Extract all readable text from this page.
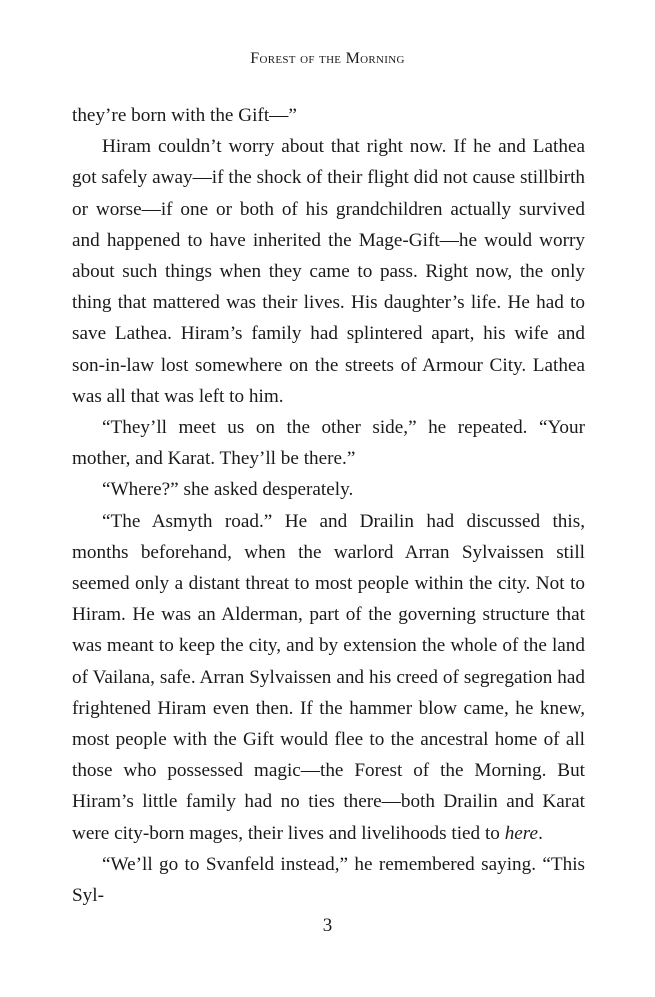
Forest of the Morning

they’re born with the Gift—”

Hiram couldn’t worry about that right now. If he and Lathea got safely away—if the shock of their flight did not cause stillbirth or worse—if one or both of his grandchildren actually survived and happened to have inherited the Mage-Gift—he would worry about such things when they came to pass. Right now, the only thing that mattered was their lives. His daughter’s life. He had to save Lathea. Hiram’s family had splintered apart, his wife and son-in-law lost somewhere on the streets of Armour City. Lathea was all that was left to him.

“They’ll meet us on the other side,” he repeated. “Your mother, and Karat. They’ll be there.”

“Where?” she asked desperately.

“The Asmyth road.” He and Drailin had discussed this, months beforehand, when the warlord Arran Sylvaissen still seemed only a distant threat to most people within the city. Not to Hiram. He was an Alderman, part of the governing structure that was meant to keep the city, and by extension the whole of the land of Vailana, safe. Arran Sylvaissen and his creed of segregation had frightened Hiram even then. If the hammer blow came, he knew, most people with the Gift would flee to the ancestral home of all those who possessed magic—the Forest of the Morning. But Hiram’s little family had no ties there—both Drailin and Karat were city-born mages, their lives and livelihoods tied to here.

“We’ll go to Svanfeld instead,” he remembered saying. “This Syl-

3
